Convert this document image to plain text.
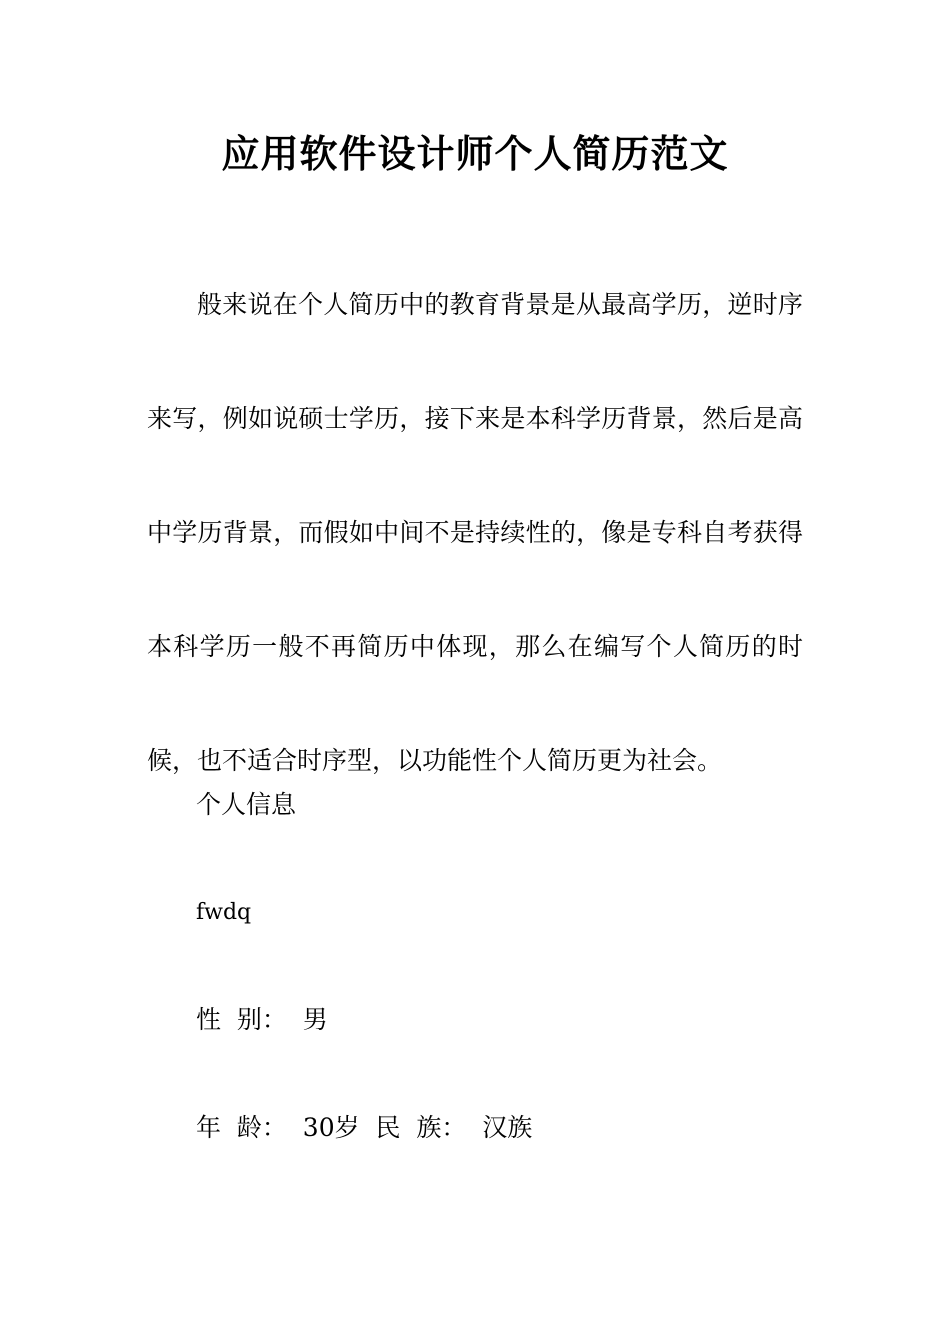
应用软件设计师个人简历范文

般来说在个人简历中的教育背景是从最高学历，逆时序来写，例如说硕士学历，接下来是本科学历背景，然后是高中学历背景，而假如中间不是持续性的，像是专科自考获得本科学历一般不再简历中体现，那么在编写个人简历的时候，也不适合时序型，以功能性个人简历更为社会。

个人信息

fwdq

性  别：  男

年  龄：  30岁  民  族：  汉族
